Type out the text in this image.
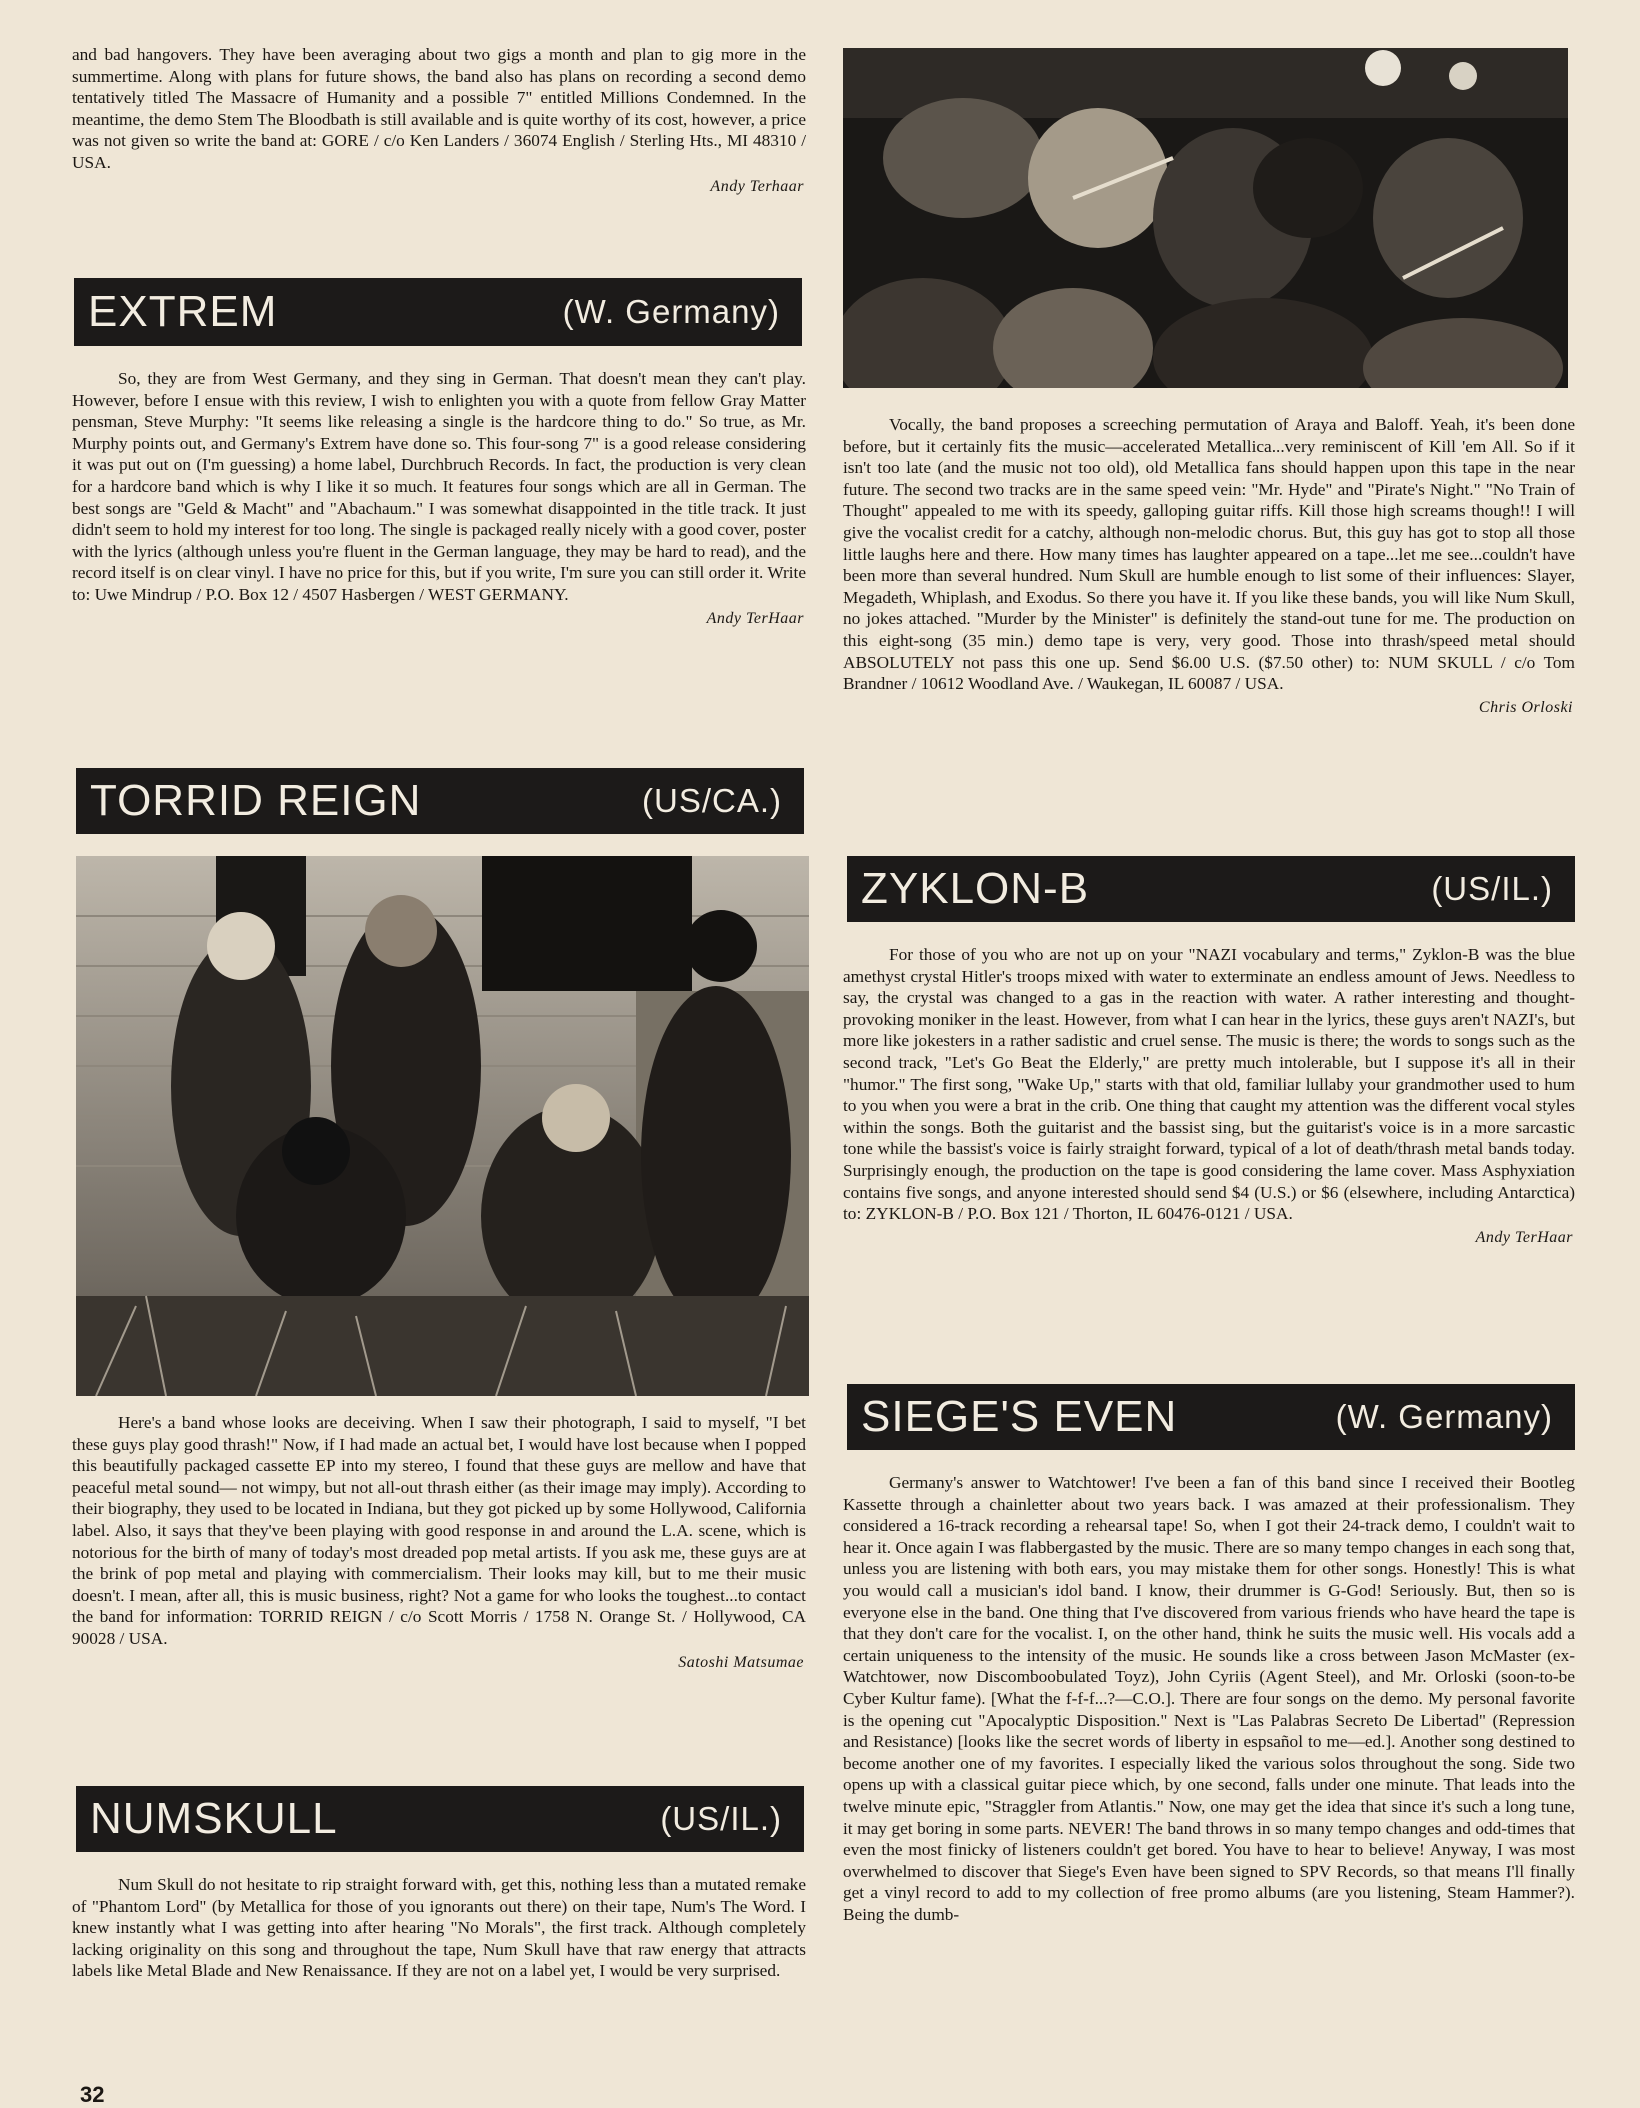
and bad hangovers. They have been averaging about two gigs a month and plan to gig more in the summertime. Along with plans for future shows, the band also has plans on recording a second demo tentatively titled The Massacre of Humanity and a possible 7" entitled Millions Condemned. In the meantime, the demo Stem The Bloodbath is still available and is quite worthy of its cost, however, a price was not given so write the band at: GORE / c/o Ken Landers / 36074 English / Sterling Hts., MI 48310 / USA.

Andy Terhaar
EXTREM	(W. Germany)

So, they are from West Germany, and they sing in German. That doesn't mean they can't play. However, before I ensue with this review, I wish to enlighten you with a quote from fellow Gray Matter pensman, Steve Murphy: "It seems like releasing a single is the hardcore thing to do." So true, as Mr. Murphy points out, and Germany's Extrem have done so. This four-song 7" is a good release considering it was put out on (I'm guessing) a home label, Durchbruch Records. In fact, the production is very clean for a hardcore band which is why I like it so much. It features four songs which are all in German. The best songs are "Geld & Macht" and "Abachaum." I was somewhat disappointed in the title track. It just didn't seem to hold my interest for too long. The single is packaged really nicely with a good cover, poster with the lyrics (although unless you're fluent in the German language, they may be hard to read), and the record itself is on clear vinyl. I have no price for this, but if you write, I'm sure you can still order it. Write to: Uwe Mindrup / P.O. Box 12 / 4507 Hasbergen / WEST GERMANY.

Andy TerHaar
TORRID REIGN	(US/CA.)

Here's a band whose looks are deceiving. When I saw their photograph, I said to myself, "I bet these guys play good thrash!" Now, if I had made an actual bet, I would have lost because when I popped this beautifully packaged cassette EP into my stereo, I found that these guys are mellow and have that peaceful metal sound— not wimpy, but not all-out thrash either (as their image may imply). According to their biography, they used to be located in Indiana, but they got picked up by some Hollywood, California label. Also, it says that they've been playing with good response in and around the L.A. scene, which is notorious for the birth of many of today's most dreaded pop metal artists. If you ask me, these guys are at the brink of pop metal and playing with commercialism. Their looks may kill, but to me their music doesn't. I mean, after all, this is music business, right? Not a game for who looks the toughest...to contact the band for information: TORRID REIGN / c/o Scott Morris / 1758 N. Orange St. / Hollywood, CA 90028 / USA.

Satoshi Matsumae
NUMSKULL	(US/IL.)

Num Skull do not hesitate to rip straight forward with, get this, nothing less than a mutated remake of "Phantom Lord" (by Metallica for those of you ignorants out there) on their tape, Num's The Word. I knew instantly what I was getting into after hearing "No Morals", the first track. Although completely lacking originality on this song and throughout the tape, Num Skull have that raw energy that attracts labels like Metal Blade and New Renaissance. If they are not on a label yet, I would be very surprised.

32

Vocally, the band proposes a screeching permutation of Araya and Baloff. Yeah, it's been done before, but it certainly fits the music—accelerated Metallica...very reminiscent of Kill 'em All. So if it isn't too late (and the music not too old), old Metallica fans should happen upon this tape in the near future. The second two tracks are in the same speed vein: "Mr. Hyde" and "Pirate's Night." "No Train of Thought" appealed to me with its speedy, galloping guitar riffs. Kill those high screams though!! I will give the vocalist credit for a catchy, although non-melodic chorus. But, this guy has got to stop all those little laughs here and there. How many times has laughter appeared on a tape...let me see...couldn't have been more than several hundred. Num Skull are humble enough to list some of their influences: Slayer, Megadeth, Whiplash, and Exodus. So there you have it. If you like these bands, you will like Num Skull, no jokes attached. "Murder by the Minister" is definitely the stand-out tune for me. The production on this eight-song (35 min.) demo tape is very, very good. Those into thrash/speed metal should ABSOLUTELY not pass this one up. Send $6.00 U.S. ($7.50 other) to: NUM SKULL / c/o Tom Brandner / 10612 Woodland Ave. / Waukegan, IL 60087 / USA.

Chris Orloski
ZYKLON-B	(US/IL.)

For those of you who are not up on your "NAZI vocabulary and terms," Zyklon-B was the blue amethyst crystal Hitler's troops mixed with water to exterminate an endless amount of Jews. Needless to say, the crystal was changed to a gas in the reaction with water. A rather interesting and thought-provoking moniker in the least. However, from what I can hear in the lyrics, these guys aren't NAZI's, but more like jokesters in a rather sadistic and cruel sense. The music is there; the words to songs such as the second track, "Let's Go Beat the Elderly," are pretty much intolerable, but I suppose it's all in their "humor." The first song, "Wake Up," starts with that old, familiar lullaby your grandmother used to hum to you when you were a brat in the crib. One thing that caught my attention was the different vocal styles within the songs. Both the guitarist and the bassist sing, but the guitarist's voice is in a more sarcastic tone while the bassist's voice is fairly straight forward, typical of a lot of death/thrash metal bands today. Surprisingly enough, the production on the tape is good considering the lame cover. Mass Asphyxiation contains five songs, and anyone interested should send $4 (U.S.) or $6 (elsewhere, including Antarctica) to: ZYKLON-B / P.O. Box 121 / Thorton, IL 60476-0121 / USA.

Andy TerHaar
SIEGE'S EVEN	(W. Germany)

Germany's answer to Watchtower! I've been a fan of this band since I received their Bootleg Kassette through a chainletter about two years back. I was amazed at their professionalism. They considered a 16-track recording a rehearsal tape! So, when I got their 24-track demo, I couldn't wait to hear it. Once again I was flabbergasted by the music. There are so many tempo changes in each song that, unless you are listening with both ears, you may mistake them for other songs. Honestly! This is what you would call a musician's idol band. I know, their drummer is G-God! Seriously. But, then so is everyone else in the band. One thing that I've discovered from various friends who have heard the tape is that they don't care for the vocalist. I, on the other hand, think he suits the music well. His vocals add a certain uniqueness to the intensity of the music. He sounds like a cross between Jason McMaster (ex-Watchtower, now Discomboobulated Toyz), John Cyriis (Agent Steel), and Mr. Orloski (soon-to-be Cyber Kultur fame). [What the f-f-f...?—C.O.]. There are four songs on the demo. My personal favorite is the opening cut "Apocalyptic Disposition." Next is "Las Palabras Secreto De Libertad" (Repression and Resistance) [looks like the secret words of liberty in espsañol to me—ed.]. Another song destined to become another one of my favorites. I especially liked the various solos throughout the song. Side two opens up with a classical guitar piece which, by one second, falls under one minute. That leads into the twelve minute epic, "Straggler from Atlantis." Now, one may get the idea that since it's such a long tune, it may get boring in some parts. NEVER! The band throws in so many tempo changes and odd-times that even the most finicky of listeners couldn't get bored. You have to hear to believe! Anyway, I was most overwhelmed to discover that Siege's Even have been signed to SPV Records, so that means I'll finally get a vinyl record to add to my collection of free promo albums (are you listening, Steam Hammer?). Being the dumb-
